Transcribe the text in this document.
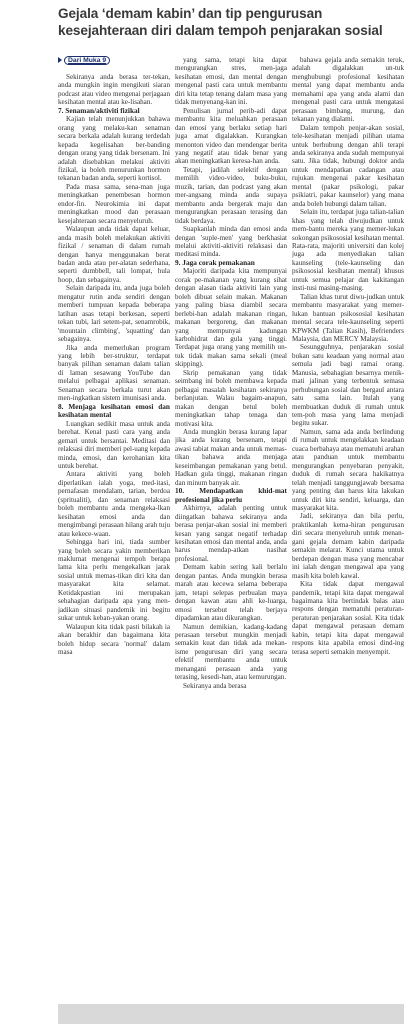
Gejala ‘demam kabin’ dan tip pengurusan
kesejahteraan diri dalam tempoh penjarakan sosial
Dari Muka 9

Sekiranya anda berasa ter-tekan, anda mungkin ingin mengikuti siaran podcast atau video mengenai perjagaan kesihatan mental atau ke-lisahan.

7. Senaman/aktiviti fizikal

Kajian telah menunjukkan bahawa orang yang melaku-kan senaman secara berkala adalah kurang terdedah kepada kegelisahan ber-banding dengan orang yang tidak bersenam. Ini adalah disebabkan melakui aktiviti fizikal, ia boleh menurunkan hormon tekanan badan anda, seperti kortisol.

Pada masa sama, sena-man juga meningkatkan penembesan hormon endor-fin. Neurokimia ini dapat meningkatkan mood dan perasaan kesejahteraan secara menyeluruh.

Walaupun anda tidak dapat keluar, anda masih boleh melakukan aktiviti fizikal / senaman di dalam rumah dengan hanya menggunakan berat badan anda atau per-alatan sederhana, seperti dumbbell, tali lompat, hula hoop, dan sebagainya.

Selain daripada itu, anda juga boleh mengatur rutin anda sendiri dengan memberi tumpuan kepada beberapa latihan asas tetapi berkesan, seperti tekan tubi, lari setem-pat, senamrobik, 'mountain climbing', 'squatting' dan sebagainya.

Jika anda memerlukan program yang lebih ber-struktur, terdapat banyak pilihan senaman dalam talian di laman sesawang YouTube dan melalui pelbagai aplikasi senaman. Senaman secara berkala turut akan men-ingkatkan sistem imunisasi anda.

8. Menjaga kesihatan emosi dan kesihatan mental

Luangkan sedikit masa untuk anda berehat. Kenal pasti cara yang anda gemari untuk bersantai. Meditasi dan relaksasi diri memberi pel-uang kepada minda, emosi, dan kerohanian kita untuk berehat.

Antara aktiviti yang boleh diperlatikan ialah yoga, med-itasi, pernafasan mendalam, tarian, berdoa (spritualiti), dan senaman relaksasi boleh membantu anda mengeka-lkan kesihatan emosi anda dan mengimbangi perasaan hilang arah tuju atau kekece-waan.

Sehingga hari ini, tiada sumber yang boleh secara yakin memberikan maklumat mengenai tempoh berapa lama kita perlu mengekalkan jarak sosial untuk memas-tikan diri kita dan masyarakat kita selamat. Ketidakpastian ini merupakan sebahagian daripada apa yang men-jadikan situasi pandemik ini begitu sukar untuk keban-yakan orang.

Walaupun kita tidak pasti bilakah ia akan berakhir dan bagaimana kita boleh hidup secara 'normal' dalam masa

yang sama, tetapi kita dapat mengurangkan stres, men-jaga kesihatan emosi, dan mental dengan mengenal pasti cara untuk membantu diri kita tetap tenang dalam masa yang tidak menyenang-kan ini.

Penulisan jurnal perib-adi dapat membantu kita meluahkan perasaan dan emosi yang berlaku setiap hari juga amat digalakkan. Kurangkan menonton video dan mendengar berita yang negatif atau tidak benar yang akan meningkatkan keresa-han anda.

Tetapi, jadilah selektif dengan memilih video-video, buku-buku, muzik, tarian, dan podcast yang akan mer-angsang minda anda supaya membantu anda bergerak maju dan mengurangkan perasaan terasing dan tidak berdaya.

Suapkanlah minda dan emosi anda dengan 'suple-men' yang berkhasiat melalui aktiviti-aktiviti relaksasi dan meditasi minda.

9. Jaga corak pemakanan

Majoriti daripada kita mempunyai corak pe-makanan yang kurang sihat dengan alasan tiada aktiviti lain yang boleh dibuat selain makan. Makanan yang paling biasa diambil secara berlebi-han adalah makanan ringan, makanan bergoreng, dan makanan yang mempunyai kadungan karbohidrat dan gula yang tinggi. Terdapat juga orang yang memilih un-tuk tidak makan sama sekali (meal skipping).

Skrip pemakanan yang tidak seimbang ini boleh membawa kepada pelbagai masalah kesihatan sekiranya berlanjutan. Walau bagaim-anapun, makan dengan betul boleh meningkatkan tahap tenaga dan motivasi kita.

Anda mungkin berasa kurang lapar jika anda kurang bersenam, tetapi awasi tabiat makan anda untuk memas-tikan bahawa anda menjaga keseimbangan pemakanan yang betul. Hadkan gula tinggi, makanan ringan dan minum banyak air.

10. Mendapatkan khid-mat profesional jika perlu

Akhirnya, adalah penting untuk diingatkan bahawa sekiranya anda berasa penjar-akan sosial ini memberi kesan yang sangat negatif terhadap kesihatan emosi dan mental anda, anda harus mendap-atkan nasihat profesional.

Demam kabin sering kali berlalu dengan pantas. Anda mungkin berasa marah atau kecewa selama beberapa jam, tetapi selepas perbualan maya dengan kawan atau ahli ke-luarga, emosi tersebut telah berjaya dipadamkan atau dikurangkan.

Namun demikian, kadang-kadang perasaan tersebut mungkin menjadi semakin kuat dan tidak ada mekan-isme pengurusan diri yang secara efektif membantu anda untuk menangani perasaan anda yang terasing, kesedi-han, atau kemurungan.

Sekiranya anda berasa

bahawa gejala anda semakin teruk, adalah digalakkan un-tuk menghubungi profesional kesihatan mental yang dapat membantu anda memahami apa yang anda alami dan mengenal pasti cara untuk mengatasi perasaan bimbang, murung, dan tekanan yang dialami.

Dalam tempoh penjar-akan sosial, tele-kesihatan menjadi pilihan utama untuk berhubung dengan ahli terapi anda sekiranya anda sudah mempunyai satu. Jika tidak, hubungi doktor anda untuk mendapatkan cadangan atau rujukan mengenai pakar kesihatan mental (pakar psikologi, pakar psikiatri, pakar kaunselor) yang mana anda boleh hubungi dalam talian.

Selain itu, terdapat juga talian-talian khas yang telah diwujudkan untuk mem-bantu mereka yang memer-lukan sokongan psikososial kesihatan mental. Rata-rata, majoriti universiti dan kolej juga ada menyediakan talian kaunseling (tele-kaunseling dan psikososial kesihatan mental) khusus untuk semua pelajar dan kakitangan insti-tusi masing-masing.

Talian khas turut diwu-judkan untuk membantu masyarakat yang memer-lukan bantuan psikososial kesihatan mental secara tele-kaunseling seperti KPWKM (Talian Kasih), Befrienders Malaysia, dan MERCY Malaysia.

Sesungguhnya, penjarakan sosial bukan satu keadaan yang normal atau semula jadi bagi ramai orang. Manusia, sebahagian besarnya menik-mati jalinan yang terbentuk semasa perhubungan sosial dan bergaul antara satu sama lain. Itulah yang membuatkan duduk di rumah untuk tem-poh masa yang lama menjadi begitu sukar.

Namun, sama ada anda berlindung di rumah untuk mengelakkan keadaan cuaca berbahaya atau mematuhi arahan atau panduan untuk membantu mengurangkan penyebaran penyakit, duduk di rumah secara hakikatnya telah menjadi tanggungjawab bersama yang penting dan harus kita lakukan untuk diri kita sendiri, keluarga, dan masyarakat kita.

Jadi, sekiranya dan bila perlu, praktikanlah kema-hiran pengurusan diri secara menyeluruh untuk menan-gani gejala demam kabin daripada semakin melarat. Kunci utama untuk berdepan dengan masa yang mencabar ini ialah dengan mengawal apa yang masih kita boleh kawal.

Kita tidak dapat mengawal pandemik, tetapi kita dapat mengawal bagaimana kita bertindak balas atau respons dengan mematuhi peraturan-peraturan penjarakan sosial. Kita tidak dapat mengawal perasaan demam kabin, tetapi kita dapat mengawal respons kita apabila emosi dind-ing terasa seperti semakin menyempit.
